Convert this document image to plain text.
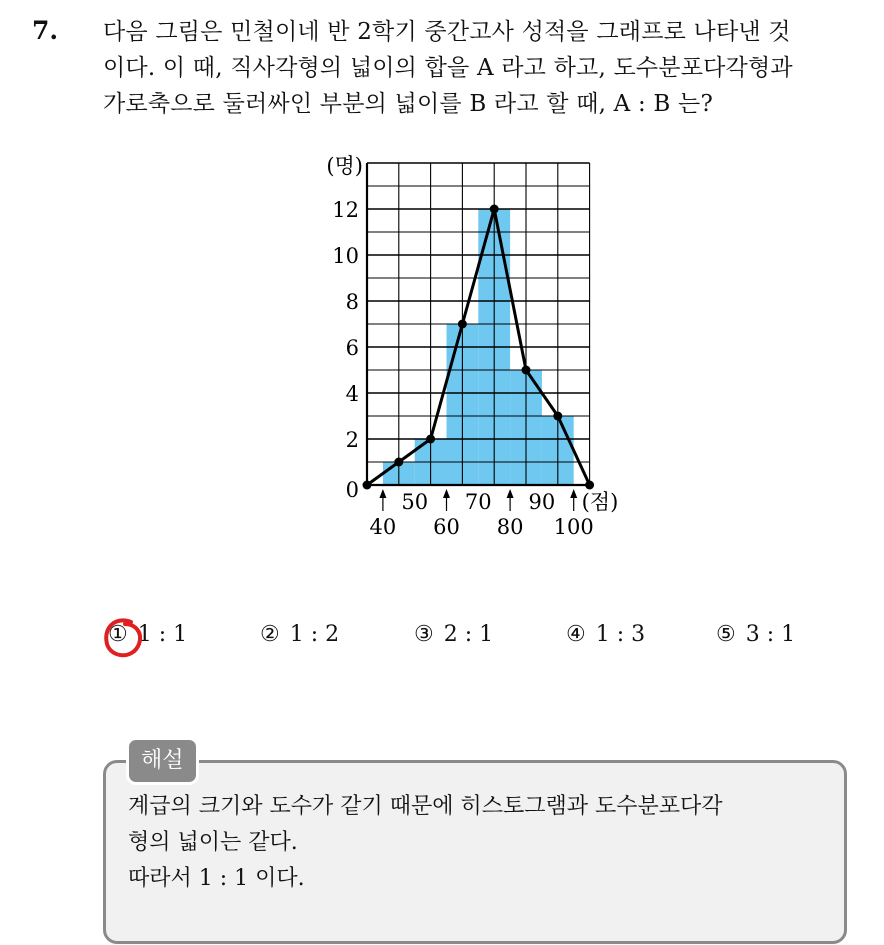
7. 다음 그림은 민철이네 반 2학기 중간고사 성적을 그래프로 나타낸 것
이다. 이 때, 직사각형의 넓이의 합을 A 라고 하고, 도수분포다각형과
가로축으로 둘러싸인 부분의 넓이를 B 라고 할 때, A : B 는?
(명)
0
2
4
6
8
10
12
50 70 90
40 60 80 100
(점)
① 1 : 1	② 1 : 2	③ 2 : 1	④ 1 : 3	⑤ 3 : 1
계급의 크기와 도수가 같기 때문에 히스토그램과 도수분포다각
형의 넓이는 같다.
따라서 1 : 1 이다.
해설
